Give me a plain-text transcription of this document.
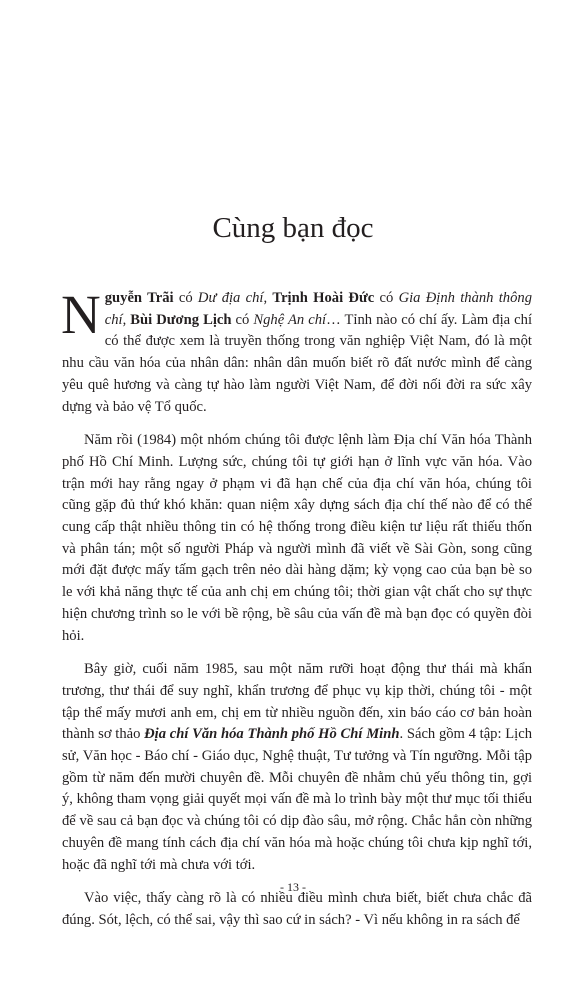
Cùng bạn đọc

Nguyễn Trãi có Dư địa chí, Trịnh Hoài Đức có Gia Định thành thông chí, Bùi Dương Lịch có Nghệ An chí… Tỉnh nào có chí ấy. Làm địa chí có thể được xem là truyền thống trong văn nghiệp Việt Nam, đó là một nhu cầu văn hóa của nhân dân: nhân dân muốn biết rõ đất nước mình để càng yêu quê hương và càng tự hào làm người Việt Nam, để đời nối đời ra sức xây dựng và bảo vệ Tổ quốc.

Năm rồi (1984) một nhóm chúng tôi được lệnh làm Địa chí Văn hóa Thành phố Hồ Chí Minh. Lượng sức, chúng tôi tự giới hạn ở lĩnh vực văn hóa. Vào trận mới hay rằng ngay ở phạm vi đã hạn chế của địa chí văn hóa, chúng tôi cũng gặp đủ thứ khó khăn: quan niệm xây dựng sách địa chí thế nào để có thể cung cấp thật nhiều thông tin có hệ thống trong điều kiện tư liệu rất thiếu thốn và phân tán; một số người Pháp và người mình đã viết về Sài Gòn, song cũng mới đặt được mấy tấm gạch trên nẻo dài hàng dặm; kỳ vọng cao của bạn bè so le với khả năng thực tế của anh chị em chúng tôi; thời gian vật chất cho sự thực hiện chương trình so le với bề rộng, bề sâu của vấn đề mà bạn đọc có quyền đòi hỏi.

Bây giờ, cuối năm 1985, sau một năm rưỡi hoạt động thư thái mà khẩn trương, thư thái để suy nghĩ, khẩn trương để phục vụ kịp thời, chúng tôi - một tập thể mấy mươi anh em, chị em từ nhiều nguồn đến, xin báo cáo cơ bản hoàn thành sơ thảo Địa chí Văn hóa Thành phố Hồ Chí Minh. Sách gồm 4 tập: Lịch sử, Văn học - Báo chí - Giáo dục, Nghệ thuật, Tư tưởng và Tín ngưỡng. Mỗi tập gồm từ năm đến mười chuyên đề. Mỗi chuyên đề nhằm chủ yếu thông tin, gợi ý, không tham vọng giải quyết mọi vấn đề mà lo trình bày một thư mục tối thiểu để về sau cả bạn đọc và chúng tôi có dịp đào sâu, mở rộng. Chắc hẳn còn những chuyên đề mang tính cách địa chí văn hóa mà hoặc chúng tôi chưa kịp nghĩ tới, hoặc đã nghĩ tới mà chưa với tới.

Vào việc, thấy càng rõ là có nhiều điều mình chưa biết, biết chưa chắc đã đúng. Sót, lệch, có thể sai, vậy thì sao cứ in sách? - Vì nếu không in ra sách để

- 13 -
